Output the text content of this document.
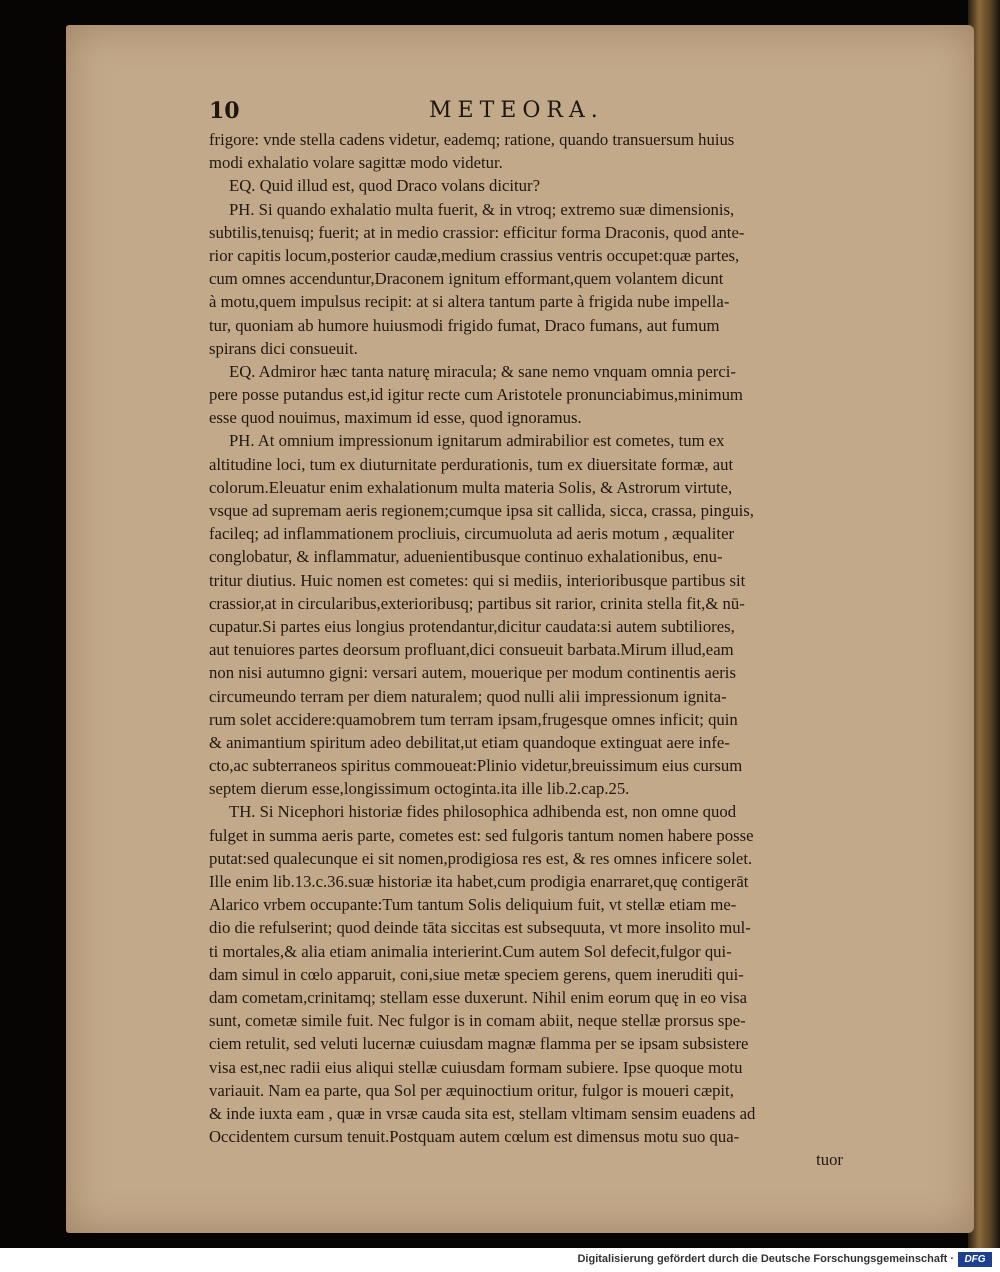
10	METEORA.
frigore: vnde stella cadens videtur, eademq; ratione, quando transuersum huius
modi exhalatio volare sagittæ modo videtur.
EQ. Quid illud est, quod Draco volans dicitur?
PH. Si quando exhalatio multa fuerit, & in vtroq; extremo suæ dimensionis,
subtilis,tenuisq; fuerit; at in medio crassior: efficitur forma Draconis, quod ante-
rior capitis locum,posterior caudæ,medium crassius ventris occupet:quæ partes,
cum omnes accenduntur,Draconem ignitum efformant,quem volantem dicunt
à motu,quem impulsus recipit: at si altera tantum parte à frigida nube impella-
tur, quoniam ab humore huiusmodi frigido fumat, Draco fumans, aut fumum
spirans dici consueuit.
EQ. Admiror hæc tanta naturę miracula; & sane nemo vnquam omnia perci-
pere posse putandus est,id igitur recte cum Aristotele pronunciabimus,minimum
esse quod nouimus, maximum id esse, quod ignoramus.
PH. At omnium impressionum ignitarum admirabilior est cometes, tum ex
altitudine loci, tum ex diuturnitate perdurationis, tum ex diuersitate formæ, aut
colorum.Eleuatur enim exhalationum multa materia Solis, & Astrorum virtute,
vsque ad supremam aeris regionem;cumque ipsa sit callida, sicca, crassa, pinguis,
facileq; ad inflammationem procliuis, circumuoluta ad aeris motum , æqualiter
conglobatur, & inflammatur, aduenientibusque continuo exhalationibus, enu-
tritur diutius. Huic nomen est cometes: qui si mediis, interioribusque partibus sit
crassior,at in circularibus,exterioribusq; partibus sit rarior, crinita stella fit,& nū-
cupatur.Si partes eius longius protendantur,dicitur caudata:si autem subtiliores,
aut tenuiores partes deorsum profluant,dici consueuit barbata.Mirum illud,eam
non nisi autumno gigni: versari autem, mouerique per modum continentis aeris
circumeundo terram per diem naturalem; quod nulli alii impressionum ignita-
rum solet accidere:quamobrem tum terram ipsam,frugesque omnes inficit; quin
& animantium spiritum adeo debilitat,ut etiam quandoque extinguat aere infe-
cto,ac subterraneos spiritus commoueat:Plinio videtur,breuissimum eius cursum
septem dierum esse,longissimum octoginta.ita ille lib.2.cap.25.
TH. Si Nicephori historiæ fides philosophica adhibenda est, non omne quod
fulget in summa aeris parte, cometes est: sed fulgoris tantum nomen habere posse
putat:sed qualecunque ei sit nomen,prodigiosa res est, & res omnes inficere solet.
Ille enim lib.13.c.36.suæ historiæ ita habet,cum prodigia enarraret,quę contigerāt
Alarico vrbem occupante:Tum tantum Solis deliquium fuit, vt stellæ etiam me-
dio die refulserint; quod deinde tāta siccitas est subsequuta, vt more insolito mul-
ti mortales,& alia etiam animalia interierint.Cum autem Sol defecit,fulgor qui-
dam simul in cœlo apparuit, coni,siue metæ speciem gerens, quem inerudiṫi qui-
dam cometam,crinitamq; stellam esse duxerunt. Nihil enim eorum quę in eo visa
sunt, cometæ simile fuit. Nec fulgor is in comam abiit, neque stellæ prorsus spe-
ciem retulit, sed veluti lucernæ cuiusdam magnæ flamma per se ipsam subsistere
visa est,nec radii eius aliqui stellæ cuiusdam formam subiere. Ipse quoque motu
variauit. Nam ea parte, qua Sol per æquinoctium oritur, fulgor is moueri cæpit,
& inde iuxta eam , quæ in vrsæ cauda sita est, stellam vltimam sensim euadens ad
Occidentem cursum tenuit.Postquam autem cœlum est dimensus motu suo qua-
tuor
Digitalisierung gefördert durch die Deutsche Forschungsgemeinschaft ·	DFG
